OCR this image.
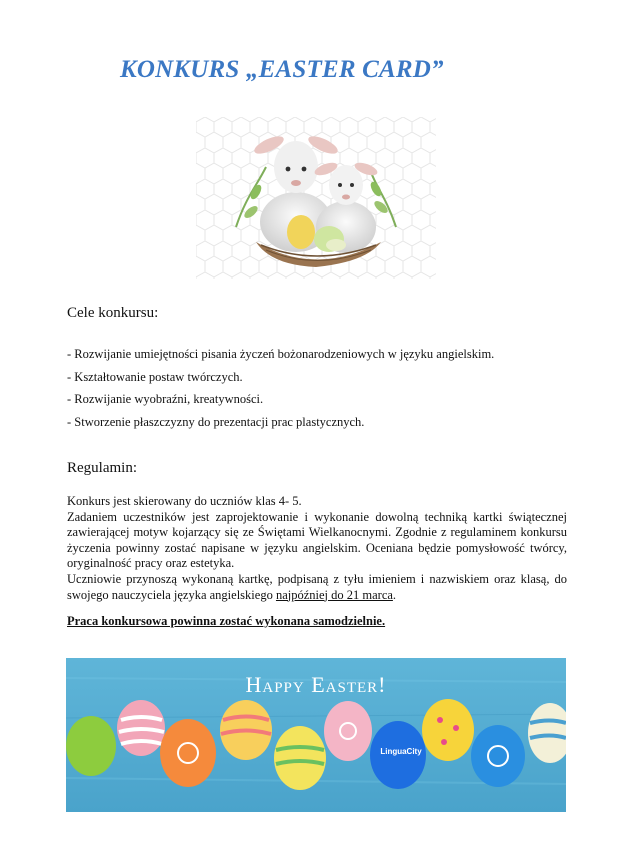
KONKURS „EASTER CARD”
Cele konkursu:
- Rozwijanie umiejętności pisania życzeń bożonarodzeniowych w języku angielskim.
- Kształtowanie postaw twórczych.
- Rozwijanie wyobraźni, kreatywności.
- Stworzenie płaszczyzny do prezentacji prac plastycznych.
Regulamin:

Konkurs jest skierowany do uczniów klas 4- 5.

Zadaniem uczestników jest zaprojektowanie i wykonanie dowolną techniką kartki świątecznej zawierającej motyw kojarzący się ze Świętami Wielkanocnymi. Zgodnie z regulaminem konkursu życzenia powinny zostać napisane w języku angielskim. Oceniana będzie pomysłowość twórcy, oryginalność pracy oraz estetyka.

Uczniowie przynoszą wykonaną kartkę, podpisaną z tyłu imieniem i nazwiskiem oraz klasą, do swojego nauczyciela języka angielskiego najpóźniej do 21 marca.

Praca konkursowa powinna zostać wykonana samodzielnie.
Happy Easter!
LinguaCity
